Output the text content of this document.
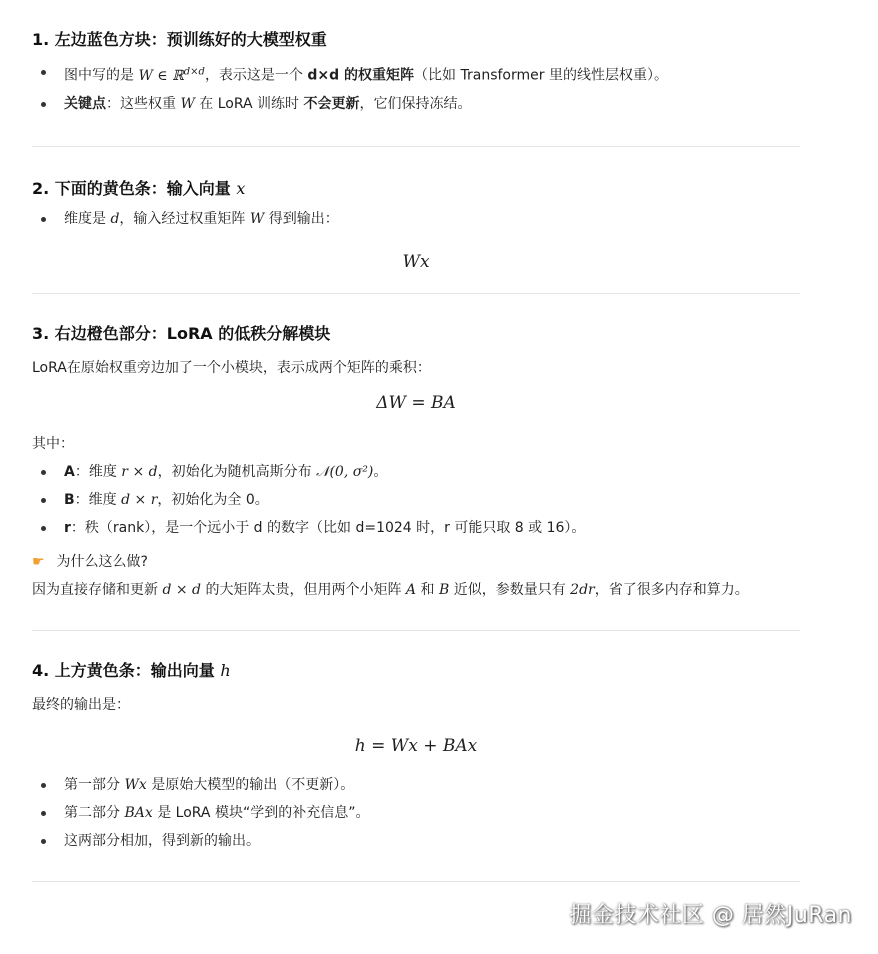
1. 左边蓝色方块：预训练好的大模型权重
图中写的是 W ∈ ℝ$^{d\times d}$，表示这是一个 d×d 的权重矩阵（比如 Transformer 里的线性层权重）。
关键点：这些权重 W 在 LoRA 训练时 不会更新，它们保持冻结。
2. 下面的黄色条：输入向量 x
维度是 d，输入经过权重矩阵 W 得到输出：
Wx
3. 右边橙色部分：LoRA 的低秩分解模块

LoRA在原始权重旁边加了一个小模块，表示成两个矩阵的乘积：

ΔW = BA

其中：

A：维度 r × d，初始化为随机高斯分布 𝒩(0, σ²)。
B：维度 d × r，初始化为全 0。
r：秩（rank），是一个远小于 d 的数字（比如 d=1024 时，r 可能只取 8 或 16）。

☛ 为什么这么做?

因为直接存储和更新 d × d 的大矩阵太贵，但用两个小矩阵 A 和 B 近似，参数量只有 2dr，省了很多内存和算力。

4. 上方黄色条：输出向量 h

最终的输出是：

h = Wx + BAx
第一部分 Wx 是原始大模型的输出（不更新）。
第二部分 BAx 是 LoRA 模块“学到的补充信息”。
这两部分相加，得到新的输出。
掘金技术社区 @ 居然JuRan
